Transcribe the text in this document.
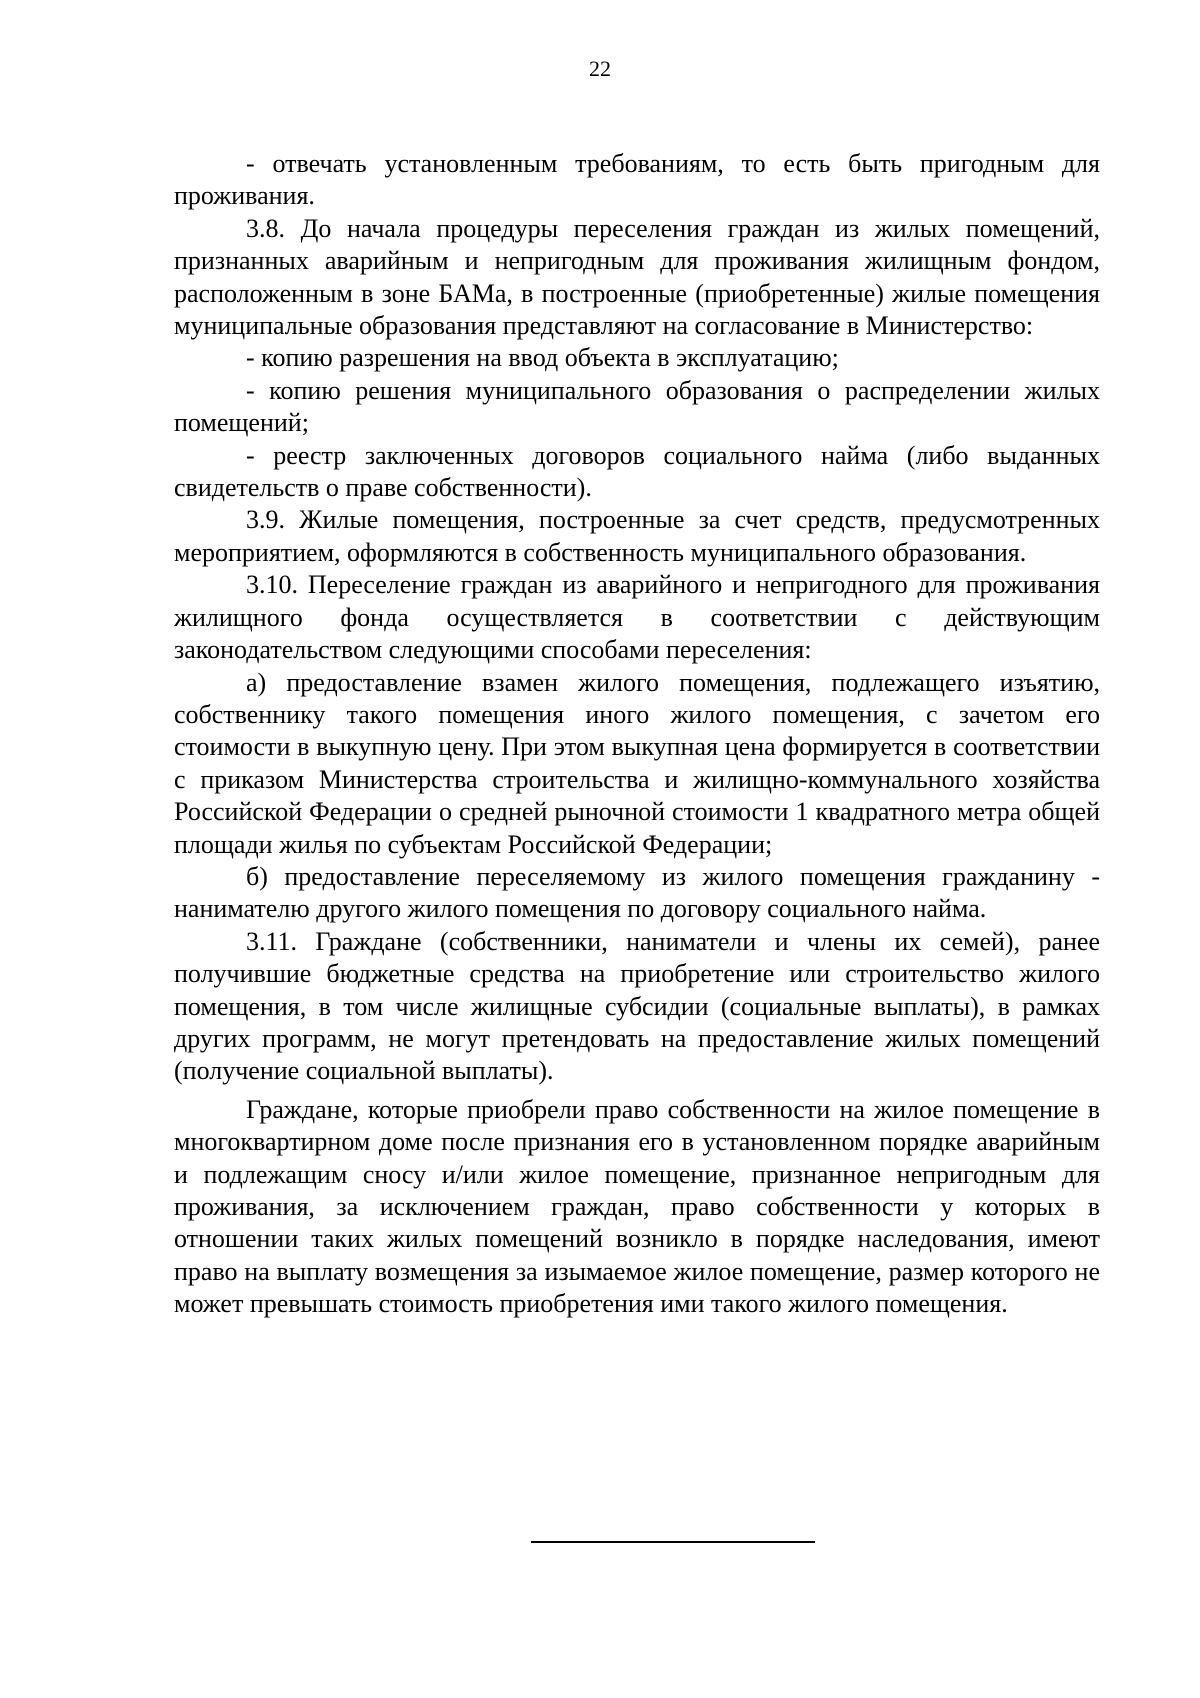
22

- отвечать установленным требованиям, то есть быть пригодным для проживания.

3.8. До начала процедуры переселения граждан из жилых помещений, признанных аварийным и непригодным для проживания жилищным фондом, расположенным в зоне БАМа, в построенные (приобретенные) жилые помещения муниципальные образования представляют на согласование в Министерство:

- копию разрешения на ввод объекта в эксплуатацию;

- копию решения муниципального образования о распределении жилых помещений;

- реестр заключенных договоров социального найма (либо выданных свидетельств о праве собственности).

3.9. Жилые помещения, построенные за счет средств, предусмотренных мероприятием, оформляются в собственность муниципального образования.

3.10. Переселение граждан из аварийного и непригодного для проживания жилищного фонда осуществляется в соответствии с действующим законодательством следующими способами переселения:

а) предоставление взамен жилого помещения, подлежащего изъятию, собственнику такого помещения иного жилого помещения, с зачетом его стоимости в выкупную цену. При этом выкупная цена формируется в соответствии с приказом Министерства строительства и жилищно-коммунального хозяйства Российской Федерации о средней рыночной стоимости 1 квадратного метра общей площади жилья по субъектам Российской Федерации;

б) предоставление переселяемому из жилого помещения гражданину - нанимателю другого жилого помещения по договору социального найма.

3.11. Граждане (собственники, наниматели и члены их семей), ранее получившие бюджетные средства на приобретение или строительство жилого помещения, в том числе жилищные субсидии (социальные выплаты), в рамках других программ, не могут претендовать на предоставление жилых помещений (получение социальной выплаты).

Граждане, которые приобрели право собственности на жилое помещение в многоквартирном доме после признания его в установленном порядке аварийным и подлежащим сносу и/или жилое помещение, признанное непригодным для проживания, за исключением граждан, право собственности у которых в отношении таких жилых помещений возникло в порядке наследования, имеют право на выплату возмещения за изымаемое жилое помещение, размер которого не может превышать стоимость приобретения ими такого жилого помещения.
